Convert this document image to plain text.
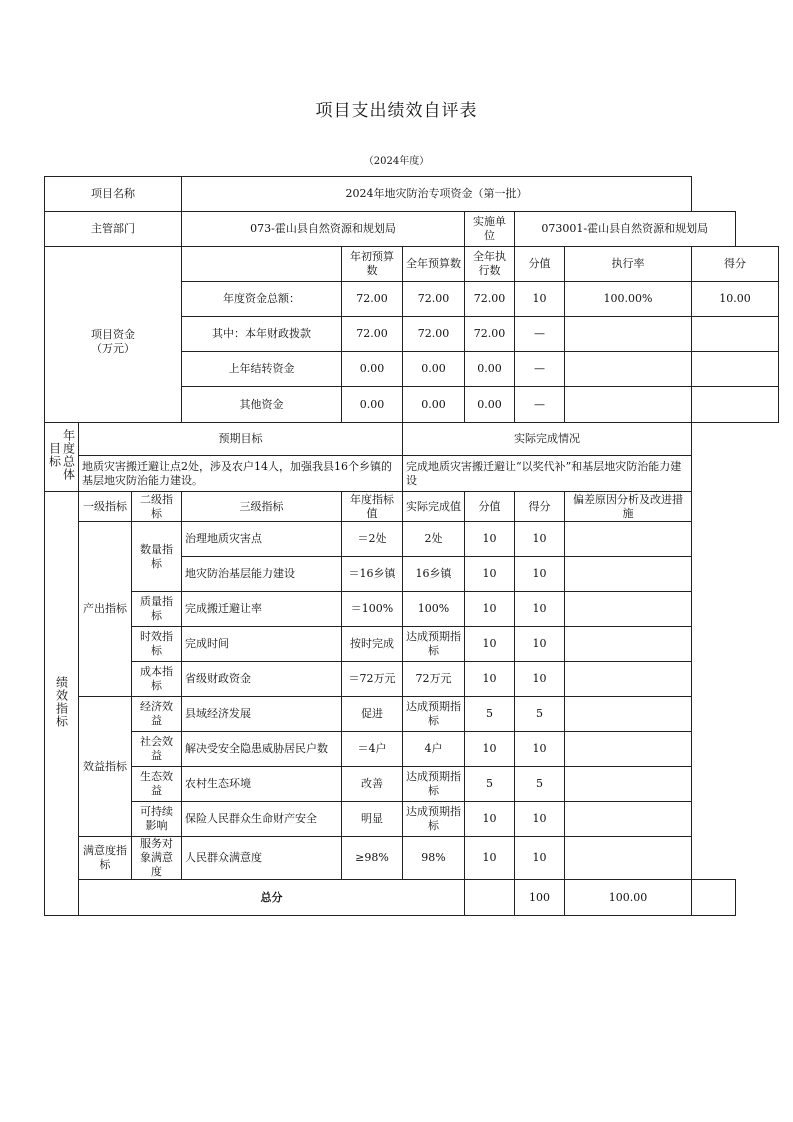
项目支出绩效自评表
（2024年度）
项目名称			2024年地灾防治专项资金（第一批）						
主管部门			073-霍山县自然资源和规划局			实施单位	073001-霍山县自然资源和规划局		

项目资金
（万元）				年初预算数	全年预算数	全年执行数	分值	执行率	得分
			年度资金总额：	72.00	72.00	72.00	10	100.00%	10.00
			其中：本年财政拨款	72.00	72.00	72.00	—		
			上年结转资金	0.00	0.00	0.00	—		
			其他资金	0.00	0.00	0.00	—		
年度总体目标	预期目标				实际完成情况				
	地质灾害搬迁避让点2处，涉及农户14人，加强我县16个乡镇的基层地灾防治能力建设。				完成地质灾害搬迁避让“以奖代补”和基层地灾防治能力建设				
绩效指标	一级指标	二级指标	三级指标	年度指标值	实际完成值	分值	得分	偏差原因分析及改进措施	
	产出指标	数量指标	治理地质灾害点	＝2处	2处	10	10		
			地灾防治基层能力建设	＝16乡镇	16乡镇	10	10		
		质量指标	完成搬迁避让率	＝100%	100%	10	10		
		时效指标	完成时间	按时完成	达成预期指标	10	10		
		成本指标	省级财政资金	＝72万元	72万元	10	10		
	效益指标	经济效益	县域经济发展	促进	达成预期指标	5	5		
		社会效益	解决受安全隐患威胁居民户数	＝4户	4户	10	10		
		生态效益	农村生态环境	改善	达成预期指标	5	5		
		可持续影响	保险人民群众生命财产安全	明显	达成预期指标	10	10		
	满意度指标	服务对象满意度	人民群众满意度	≥98%	98%	10	10		
	总分						100	100.00	
